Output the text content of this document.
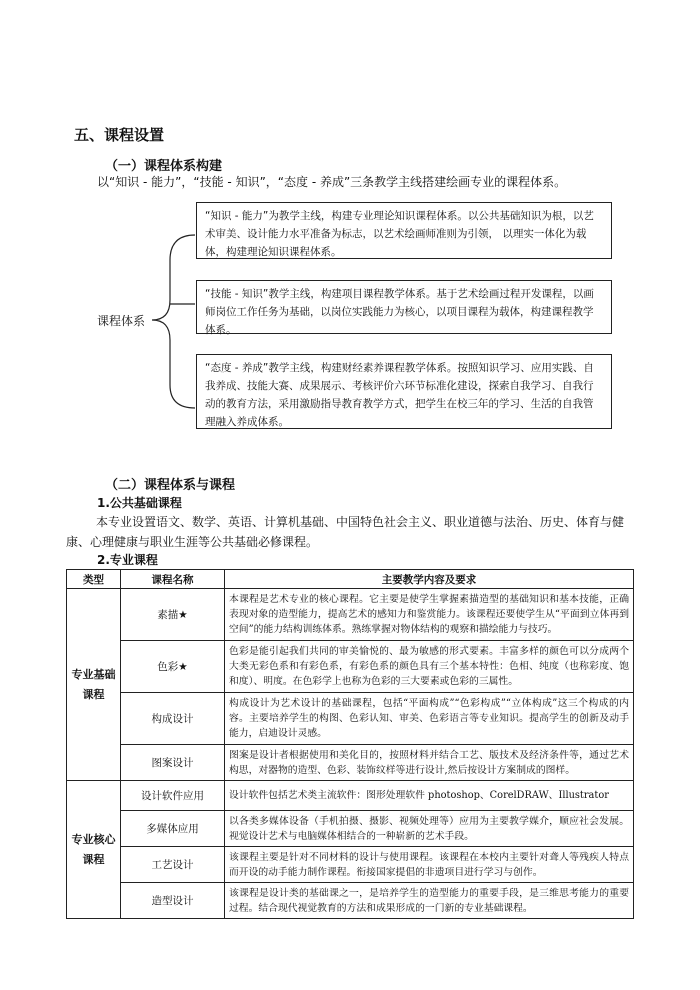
五、课程设置
（一）课程体系构建
以“知识 - 能力”，“技能 - 知识”，“态度 - 养成”三条教学主线搭建绘画专业的课程体系。
课程体系
“知识 - 能力”为教学主线，构建专业理论知识课程体系。以公共基础知识为根，以艺术审美、设计能力水平准备为标志，以艺术绘画师准则为引领， 以理实一体化为载体，构建理论知识课程体系。
“技能 - 知识”教学主线，构建项目课程教学体系。基于艺术绘画过程开发课程，以画师岗位工作任务为基础，以岗位实践能力为核心，以项目课程为载体，构建课程教学体系。
“态度 - 养成”教学主线，构建财经素养课程教学体系。按照知识学习、应用实践、自我养成、技能大赛、成果展示、考核评价六环节标准化建设，探索自我学习、自我行动的教育方法，采用激励指导教育教学方式，把学生在校三年的学习、生活的自我管理融入养成体系。
（二）课程体系与课程
1.公共基础课程
本专业设置语文、数学、英语、计算机基础、中国特色社会主义、职业道德与法治、历史、体育与健康、心理健康与职业生涯等公共基础必修课程。
2.专业课程
类型	课程名称	主要教学内容及要求
专业基础课程	素描★	本课程是艺术专业的核心课程。它主要是使学生掌握素描造型的基础知识和基本技能，正确表现对象的造型能力，提高艺术的感知力和鉴赏能力。该课程还要使学生从“平面到立体再到空间”的能力结构训练体系。熟练掌握对物体结构的观察和描绘能力与技巧。
	色彩★	色彩是能引起我们共同的审美愉悦的、最为敏感的形式要素。丰富多样的颜色可以分成两个大类无彩色系和有彩色系，有彩色系的颜色具有三个基本特性：色相、纯度（也称彩度、饱和度）、明度。在色彩学上也称为色彩的三大要素或色彩的三属性。
	构成设计	构成设计为艺术设计的基础课程，包括“平面构成”“色彩构成”“立体构成”这三个构成的内容。主要培养学生的构图、色彩认知、审美、色彩语言等专业知识。提高学生的创新及动手能力，启迪设计灵感。
	图案设计	图案是设计者根据使用和美化目的，按照材料并结合工艺、版技术及经济条件等，通过艺术构思，对器物的造型、色彩、装饰纹样等进行设计,然后按设计方案制成的图样。
专业核心课程	设计软件应用	设计软件包括艺术类主流软件：图形处理软件 photoshop、CorelDRAW、Illustrator
	多媒体应用	以各类多媒体设备（手机拍摄、摄影、视频处理等）应用为主要教学媒介，顺应社会发展。视觉设计艺术与电脑媒体相结合的一种崭新的艺术手段。
	工艺设计	该课程主要是针对不同材料的设计与使用课程。该课程在本校内主要针对聋人等残疾人特点而开设的动手能力制作课程。衔接国家提倡的非遗项目进行学习与创作。
	造型设计	该课程是设计类的基础课之一，是培养学生的造型能力的重要手段，是三维思考能力的重要过程。结合现代视觉教育的方法和成果形成的一门新的专业基础课程。
